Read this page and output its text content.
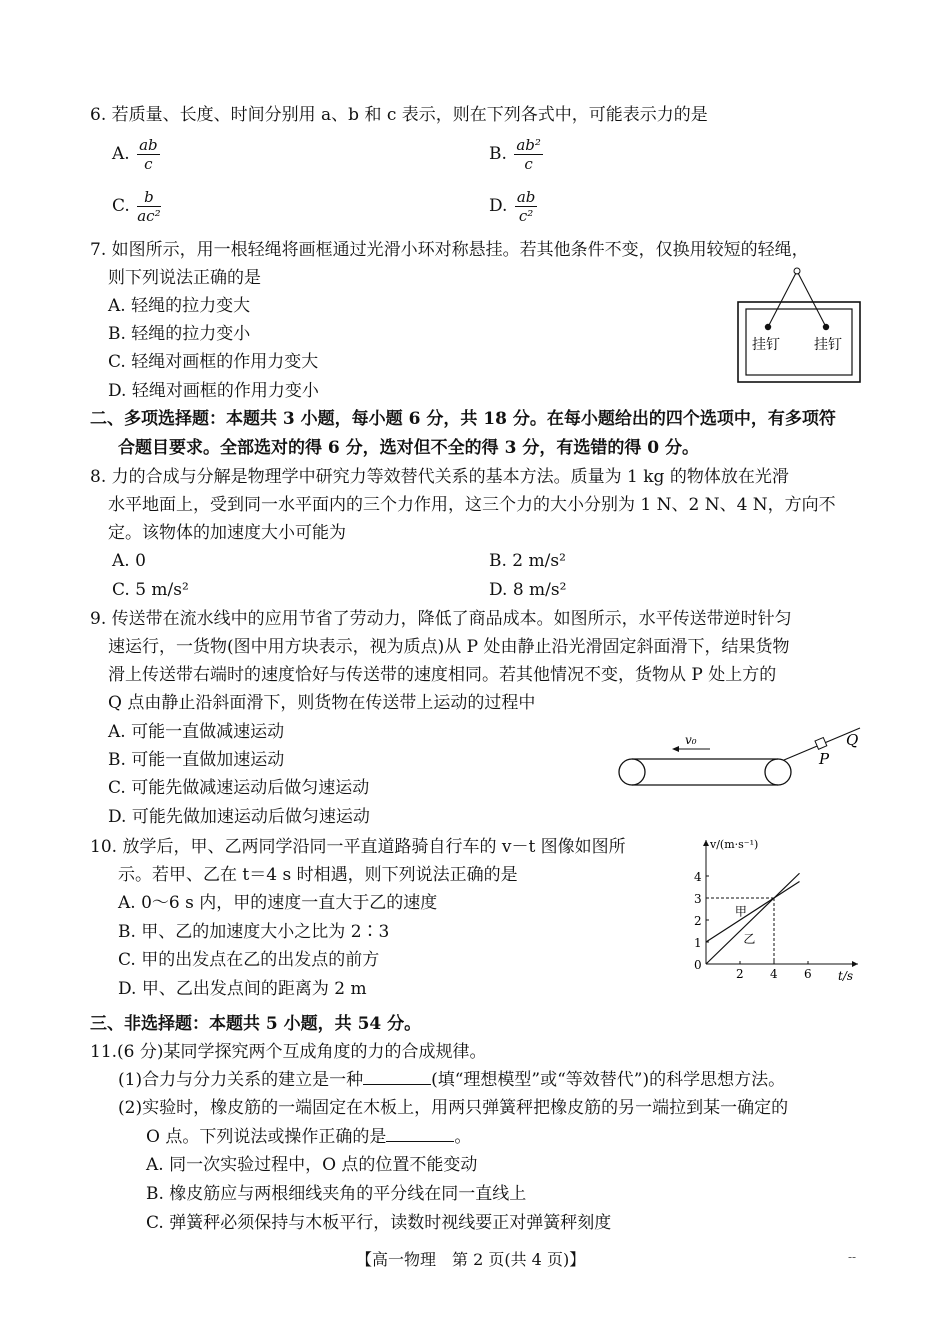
6. 若质量、长度、时间分别用 a、b 和 c 表示，则在下列各式中，可能表示力的是
A. $\frac{ab}{c}$	B. $\frac{\text{ab²}}{c}$
C. $\frac{b}{\text{ac²}}$	D. $\frac{ab}{\text{c²}}$
7. 如图所示，用一根轻绳将画框通过光滑小环对称悬挂。若其他条件不变，仅换用较短的轻绳，
则下列说法正确的是
A. 轻绳的拉力变大
B. 轻绳的拉力变小
C. 轻绳对画框的作用力变大
D. 轻绳对画框的作用力变小
挂钉 挂钉
二、多项选择题：本题共 3 小题，每小题 6 分，共 18 分。在每小题给出的四个选项中，有多项符
合题目要求。全部选对的得 6 分，选对但不全的得 3 分，有选错的得 0 分。
8. 力的合成与分解是物理学中研究力等效替代关系的基本方法。质量为 1 kg 的物体放在光滑
水平地面上，受到同一水平面内的三个力作用，这三个力的大小分别为 1 N、2 N、4 N，方向不
定。该物体的加速度大小可能为
A. 0	B. 2 m/s²
C. 5 m/s²	D. 8 m/s²
9. 传送带在流水线中的应用节省了劳动力，降低了商品成本。如图所示，水平传送带逆时针匀
速运行，一货物(图中用方块表示，视为质点)从 P 处由静止沿光滑固定斜面滑下，结果货物
滑上传送带右端时的速度恰好与传送带的速度相同。若其他情况不变，货物从 P 处上方的
Q 点由静止沿斜面滑下，则货物在传送带上运动的过程中
A. 可能一直做减速运动
B. 可能一直做加速运动
C. 可能先做减速运动后做匀速运动
D. 可能先做加速运动后做匀速运动
v₀
P
Q
10. 放学后，甲、乙两同学沿同一平直道路骑自行车的 v－t 图像如图所
示。若甲、乙在 t＝4 s 时相遇，则下列说法正确的是
A. 0～6 s 内，甲的速度一直大于乙的速度
B. 甲、乙的加速度大小之比为 2∶3
C. 甲的出发点在乙的出发点的前方
D. 甲、乙出发点间的距离为 2 m
v/(m·s⁻¹)
t/s
2 4 6
0
1
2
3
4
甲
乙
三、非选择题：本题共 5 小题，共 54 分。
11.(6 分)某同学探究两个互成角度的力的合成规律。
(1)合力与分力关系的建立是一种	(填“理想模型”或“等效替代”)的科学思想方法。
(2)实验时，橡皮筋的一端固定在木板上，用两只弹簧秤把橡皮筋的另一端拉到某一确定的
O 点。下列说法或操作正确的是	。
A. 同一次实验过程中，O 点的位置不能变动
B. 橡皮筋应与两根细线夹角的平分线在同一直线上
C. 弹簧秤必须保持与木板平行，读数时视线要正对弹簧秤刻度
【高一物理　第 2 页(共 4 页)】	--
